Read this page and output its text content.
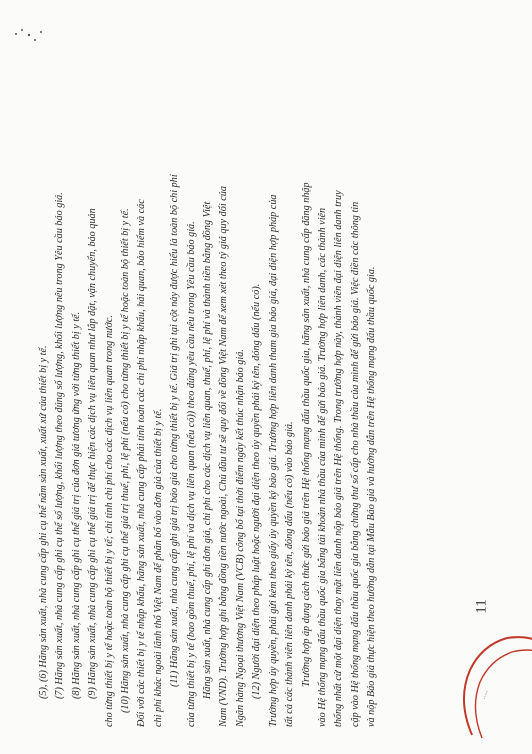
(5), (6) Hãng sản xuất, nhà cung cấp ghi cụ thể năm sản xuất, xuất xứ của thiết bị y tế. (7) Hãng sản xuất, nhà cung cấp ghi cụ thể số lượng, khối lượng theo đúng số lượng, khối lượng nêu trong Yêu cầu báo giá. (8) Hãng sản xuất, nhà cung cấp ghi cụ thể giá trị của đơn giá tương ứng với từng thiết bị y tế. (9) Hãng sản xuất, nhà cung cấp ghi cụ thể giá trị để thực hiện các dịch vụ liên quan như lắp đặt, vận chuyển, bảo quản cho từng thiết bị y tế hoặc toàn bộ thiết bị y tế; chi tính chi phí cho các dịch vụ liên quan trong nước. (10) Hãng sản xuất, nhà cung cấp ghi cụ thể giá trị thuế, phí, lệ phí (nếu có) cho từng thiết bị y tế hoặc toàn bộ thiết bị y tế. Đối với các thiết bị y tế nhập khẩu, hãng sản xuất, nhà cung cấp phải tính toán các chi phí nhập khẩu, hải quan, bảo hiểm và các chi phí khác ngoài lãnh thổ Việt Nam để phân bổ vào đơn giá của thiết bị y tế. (11) Hãng sản xuất, nhà cung cấp ghi giá trị báo giá cho từng thiết bị y tế. Giá trị ghi tại cột này được hiểu là toàn bộ chi phí của từng thiết bị y tế (bao gồm thuế, phí, lệ phí và dịch vụ liên quan (nếu có)) theo đúng yêu cầu nêu trong Yêu cầu báo giá. Hãng sản xuất, nhà cung cấp ghi đơn giá, chi phí cho các dịch vụ liên quan, thuế, phí, lệ phí và thành tiền bằng đồng Việt Nam (VND). Trường hợp ghi bằng đồng tiền nước ngoài, Chủ đầu tư sẽ quy đổi về đồng Việt Nam để xem xét theo tỷ giá quy đổi của Ngân hàng Ngoại thương Việt Nam (VCB) công bố tại thời điểm ngày kết thúc nhận báo giá. (12) Người đại diện theo pháp luật hoặc người đại diện theo ủy quyền phải ký tên, đóng dấu (nếu có). Trường hợp ủy quyền, phải gửi kèm theo giấy ủy quyền ký báo giá. Trường hợp liên danh tham gia báo giá, đại diện hợp pháp của tất cả các thành viên liên danh phải ký tên, đóng dấu (nếu có) vào báo giá. Trường hợp áp dụng cách thức gửi báo giá trên Hệ thống mạng đấu thầu quốc gia, hãng sản xuất, nhà cung cấp đăng nhập vào Hệ thống mạng đấu thầu quốc gia bằng tài khoản nhà thầu của mình để gửi báo giá. Trường hợp liên danh, các thành viên thống nhất cử một đại diện thay mặt liên danh nộp báo giá trên Hệ thống. Trong trường hợp này, thành viên đại diện liên danh truy cập vào Hệ thống mạng đấu thầu quốc gia bằng chứng thư số cấp cho nhà thầu của mình để gửi báo giá. Việc điền các thông tin và nộp Báo giá thực hiện theo hướng dẫn tại Mẫu Báo giá và hướng dẫn trên Hệ thống mạng đấu thầu quốc gia.	11
·····
